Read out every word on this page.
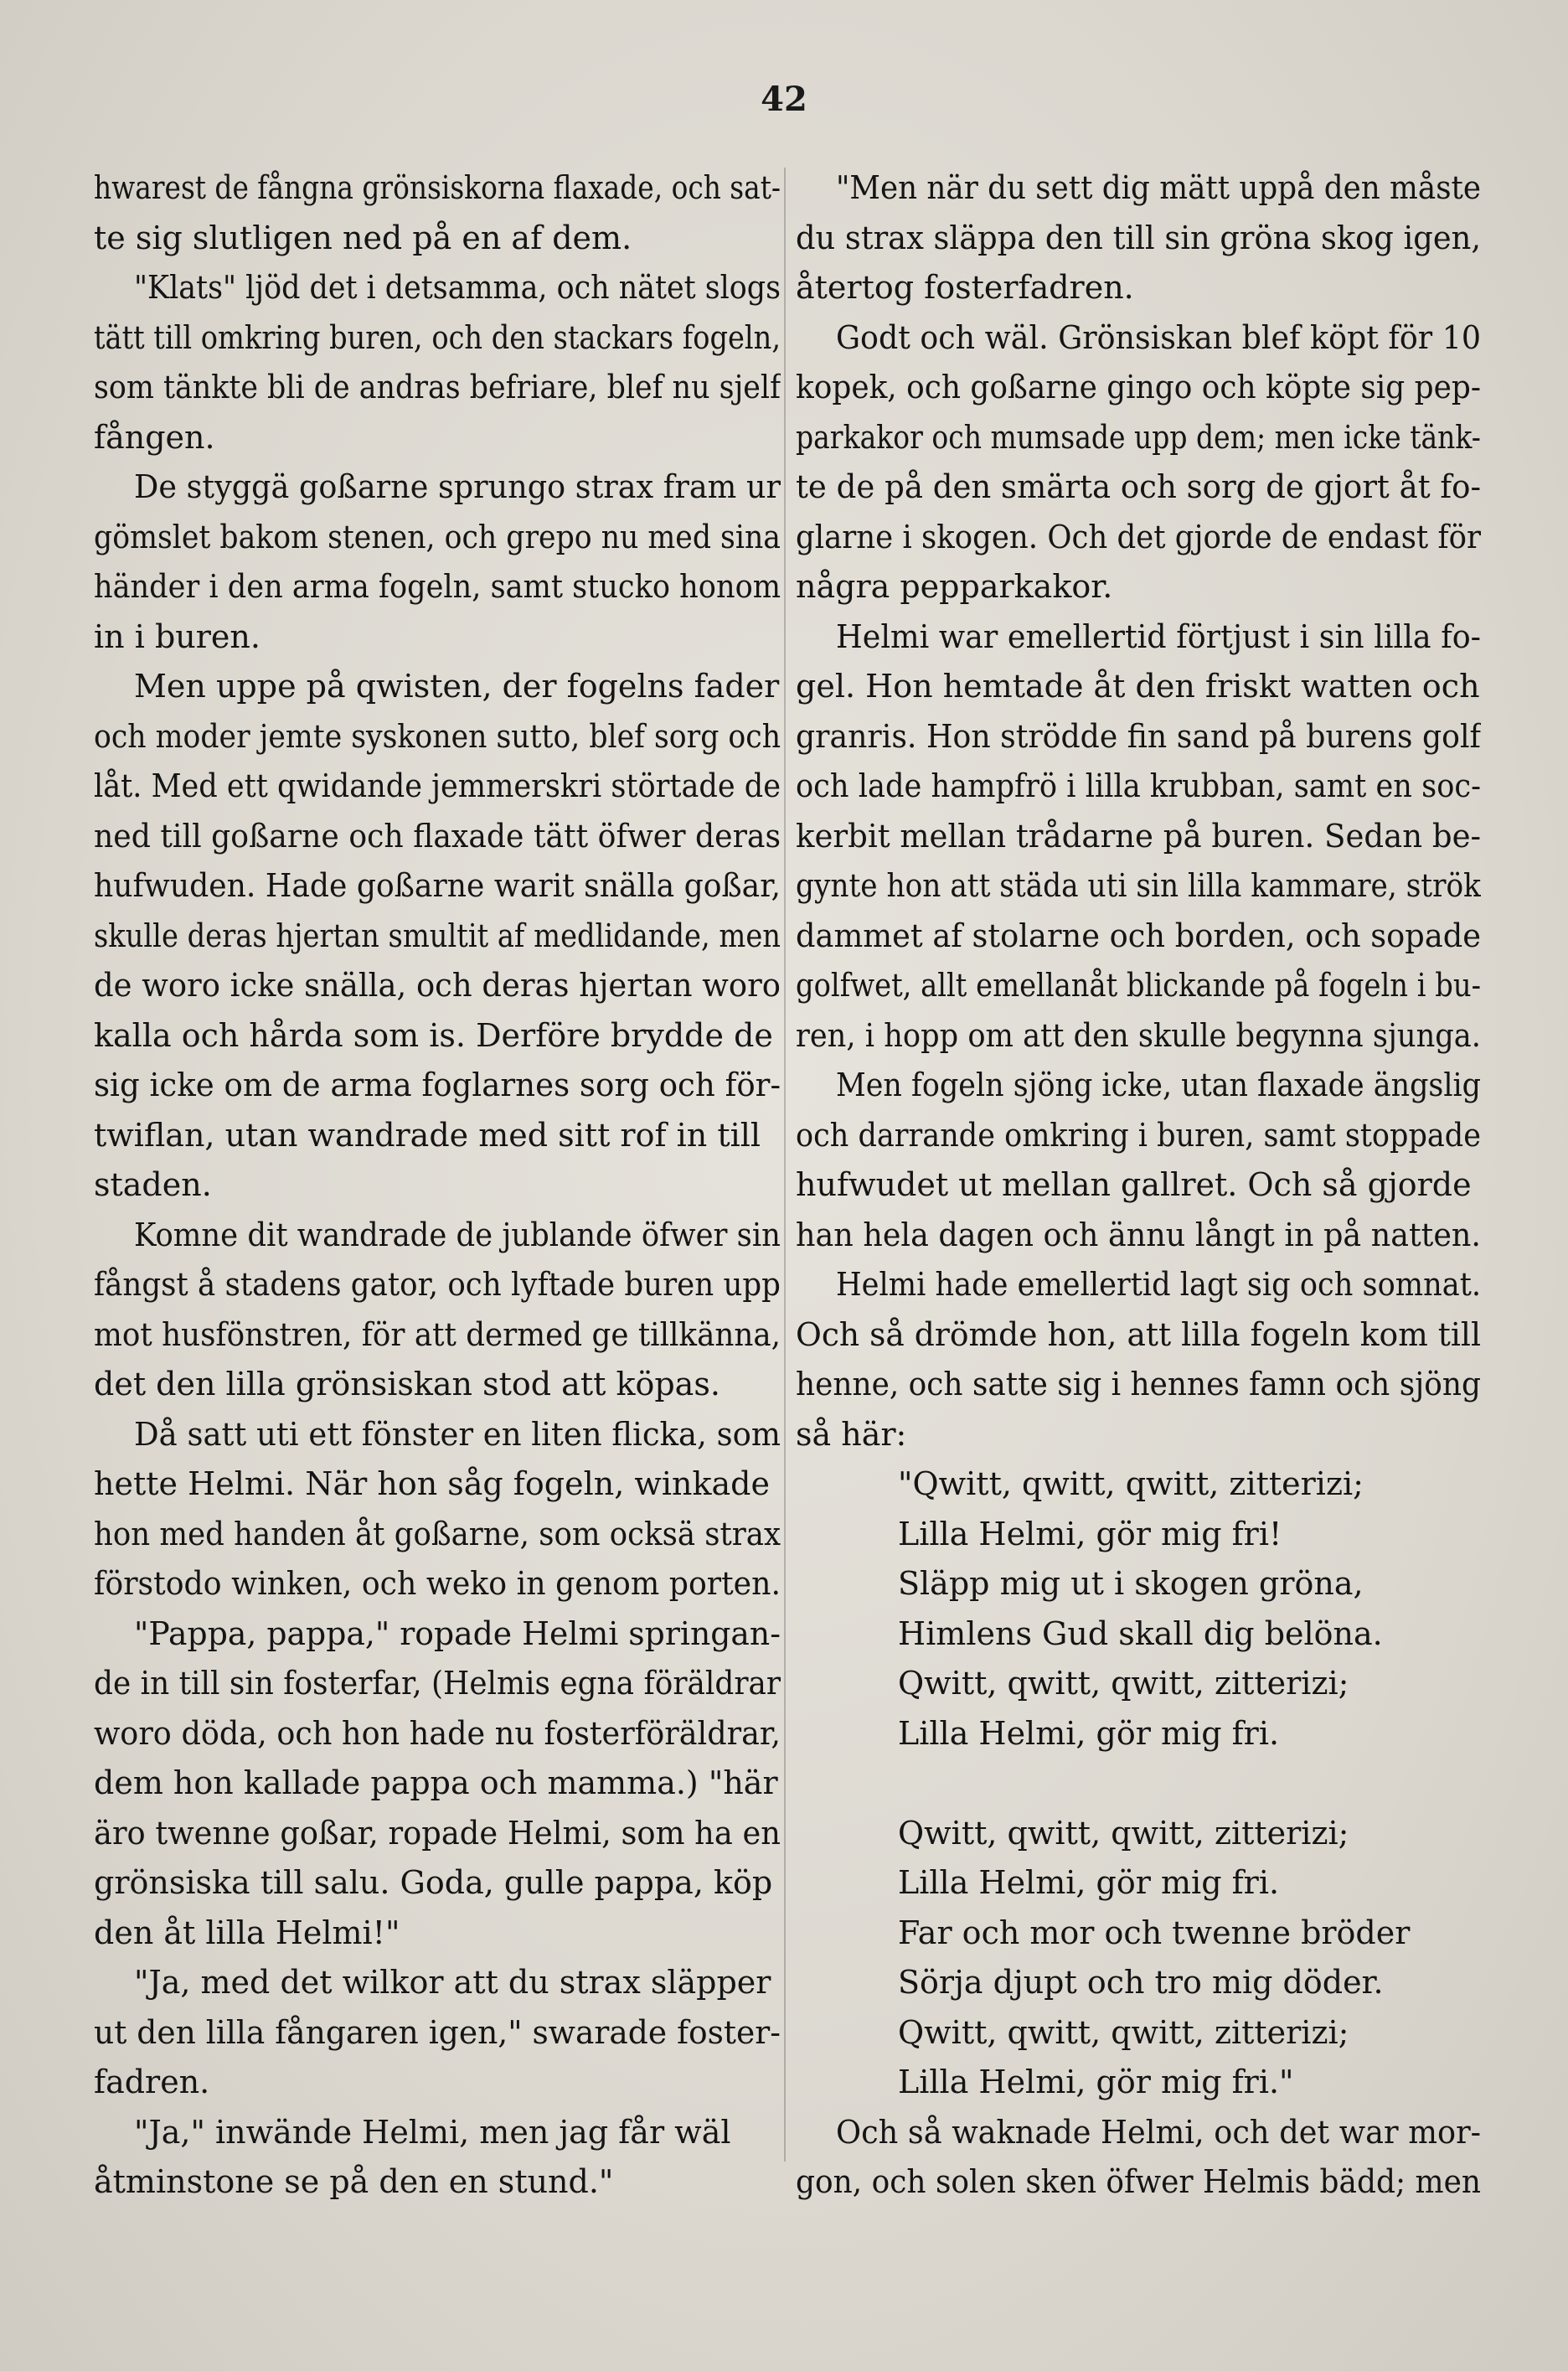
42
hwarest de fångna grönsiskorna flaxade, och sat-
te sig slutligen ned på en af dem.
"Klats" ljöd det i detsamma, och nätet slogs
tätt till omkring buren, och den stackars fogeln,
som tänkte bli de andras befriare, blef nu sjelf
fången.
De styggä goßarne sprungo strax fram ur
gömslet bakom stenen, och grepo nu med sina
händer i den arma fogeln, samt stucko honom
in i buren.
Men uppe på qwisten, der fogelns fader
och moder jemte syskonen sutto, blef sorg och
låt. Med ett qwidande jemmerskri störtade de
ned till goßarne och flaxade tätt öfwer deras
hufwuden. Hade goßarne warit snälla goßar,
skulle deras hjertan smultit af medlidande, men
de woro icke snälla, och deras hjertan woro
kalla och hårda som is. Derföre brydde de
sig icke om de arma foglarnes sorg och för-
twiflan, utan wandrade med sitt rof in till
staden.
Komne dit wandrade de jublande öfwer sin
fångst å stadens gator, och lyftade buren upp
mot husfönstren, för att dermed ge tillkänna,
det den lilla grönsiskan stod att köpas.
Då satt uti ett fönster en liten flicka, som
hette Helmi. När hon såg fogeln, winkade
hon med handen åt goßarne, som ocksä strax
förstodo winken, och weko in genom porten.
"Pappa, pappa," ropade Helmi springan-
de in till sin fosterfar, (Helmis egna föräldrar
woro döda, och hon hade nu fosterföräldrar,
dem hon kallade pappa och mamma.) "här
äro twenne goßar, ropade Helmi, som ha en
grönsiska till salu. Goda, gulle pappa, köp
den åt lilla Helmi!"
"Ja, med det wilkor att du strax släpper
ut den lilla fångaren igen," swarade foster-
fadren.
"Ja," inwände Helmi, men jag får wäl
åtminstone se på den en stund."
"Men när du sett dig mätt uppå den måste
du strax släppa den till sin gröna skog igen,
återtog fosterfadren.
Godt och wäl. Grönsiskan blef köpt för 10
kopek, och goßarne gingo och köpte sig pep-
parkakor och mumsade upp dem; men icke tänk-
te de på den smärta och sorg de gjort åt fo-
glarne i skogen. Och det gjorde de endast för
några pepparkakor.
Helmi war emellertid förtjust i sin lilla fo-
gel. Hon hemtade åt den friskt watten och
granris. Hon strödde fin sand på burens golf
och lade hampfrö i lilla krubban, samt en soc-
kerbit mellan trådarne på buren. Sedan be-
gynte hon att städa uti sin lilla kammare, strök
dammet af stolarne och borden, och sopade
golfwet, allt emellanåt blickande på fogeln i bu-
ren, i hopp om att den skulle begynna sjunga.
Men fogeln sjöng icke, utan flaxade ängslig
och darrande omkring i buren, samt stoppade
hufwudet ut mellan gallret. Och så gjorde
han hela dagen och ännu långt in på natten.
Helmi hade emellertid lagt sig och somnat.
Och så drömde hon, att lilla fogeln kom till
henne, och satte sig i hennes famn och sjöng
så här:
"Qwitt, qwitt, qwitt, zitterizi;
Lilla Helmi, gör mig fri!
Släpp mig ut i skogen gröna,
Himlens Gud skall dig belöna.
Qwitt, qwitt, qwitt, zitterizi;
Lilla Helmi, gör mig fri.
Qwitt, qwitt, qwitt, zitterizi;
Lilla Helmi, gör mig fri.
Far och mor och twenne bröder
Sörja djupt och tro mig döder.
Qwitt, qwitt, qwitt, zitterizi;
Lilla Helmi, gör mig fri."
Och så waknade Helmi, och det war mor-
gon, och solen sken öfwer Helmis bädd; men
